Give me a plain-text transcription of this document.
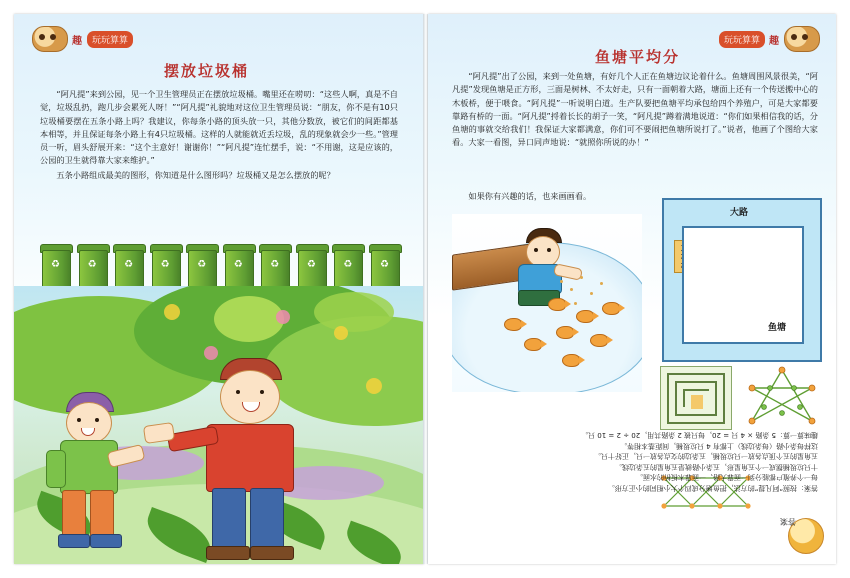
趣	玩玩算算
摆放垃圾桶

“阿凡提”来到公园，见一个卫生管理员正在摆放垃圾桶。嘴里还在唠叨：“这些人啊，真是不自觉，垃圾乱扔，跑几步会累死人呀！”“阿凡提”礼貌地对这位卫生管理员说：“朋友，你不是有10只垃圾桶要摆在五条小路上吗？我建议，你每条小路的顶头放一只，其他分数放，被它们的间距都基本相等，并且保证每条小路上有4只垃圾桶。这样的人就能就近丢垃圾，乱的现象就会少一些。”管理员一听，眉头舒展开来：“这个主意好！谢谢你！”“阿凡提”连忙摆手，说：“不用谢，这是应该的，公园的卫生就得靠大家来维护。”

五条小路组成最美的图形，你知道是什么图形吗？垃圾桶又是怎么摆放的呢？

♻	♻	♻	♻	♻	♻	♻	♻	♻	♻
趣
玩玩算算
鱼塘平均分

“阿凡提”出了公园，来到一处鱼塘，有好几个人正在鱼塘边议论着什么。鱼塘周围风景很美，“阿凡提”发现鱼塘是正方形，三面是树林、不太好走，只有一面朝着大路，塘面上还有一个传送搬中心的木板桥，便于喂食。“阿凡提”一听说明白道。生产队要把鱼塘平均承包给四个养殖户，可是大家都要靠路有桥的一面。“阿凡提”捋着长长的胡子一笑，“阿凡提”蹲着满地说道：“你们如果相信我的话，分鱼塘的事就交给我们！我保证大家都满意，你们可不要闹把鱼塘所说打了。”说者，他画了个图给大家看。大家一看图，异口同声地说：“就照你所说的办！”

如果你有兴趣的话，也来画画看。

大路
鱼塘

答案：按照“阿凡提”的方法，把鱼塘分成四个大小相同的小正方形。

每一个养殖户都能分到一面靠大路、一面靠木板桥的水面。

十只垃圾桶摆成一个五角星形，五条小路就是五角星的五条边线。

五角星的五个顶点各放一只垃圾桶，五条边的交点各放一只，正好十只。

这样每条小路（每条边线）上都有 4 只垃圾桶，间距基本相等。

趣味算一算：5 条路 × 4 只 = 20，每只被 2 条路共用，20 ÷ 2 = 10 只。

答案
